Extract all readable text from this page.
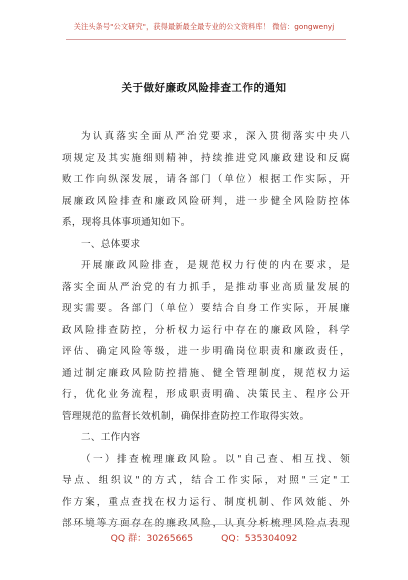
关注头条号"公文研究"，获得最新最全最专业的公文资料库！ 微信：gongwenyj
关于做好廉政风险排查工作的通知
为认真落实全面从严治党要求，深入贯彻落实中央八
项规定及其实施细则精神，持续推进党风廉政建设和反腐
败工作向纵深发展，请各部门（单位）根据工作实际，开
展廉政风险排查和廉政风险研判，进一步健全风险防控体
系，现将具体事项通知如下。
一、总体要求
开展廉政风险排查，是规范权力行使的内在要求，是
落实全面从严治党的有力抓手，是推动事业高质量发展的
现实需要。各部门（单位）要结合自身工作实际，开展廉
政风险排查防控，分析权力运行中存在的廉政风险，科学
评估、确定风险等级，进一步明确岗位职责和廉政责任，
通过制定廉政风险防控措施、健全管理制度，规范权力运
行，优化业务流程，形成职责明确、决策民主、程序公开
管理规范的监督长效机制，确保排查防控工作取得实效。
二、工作内容
（一）排查梳理廉政风险。以"自己查、相互找、领
导点、组织议"的方式，结合工作实际，对照"三定"工
作方案，重点查找在权力运行、制度机制、作风效能、外
部环境等方面存在的廉政风险，认真分析梳理风险点表现
QQ 群：30265665	QQ：535304092
